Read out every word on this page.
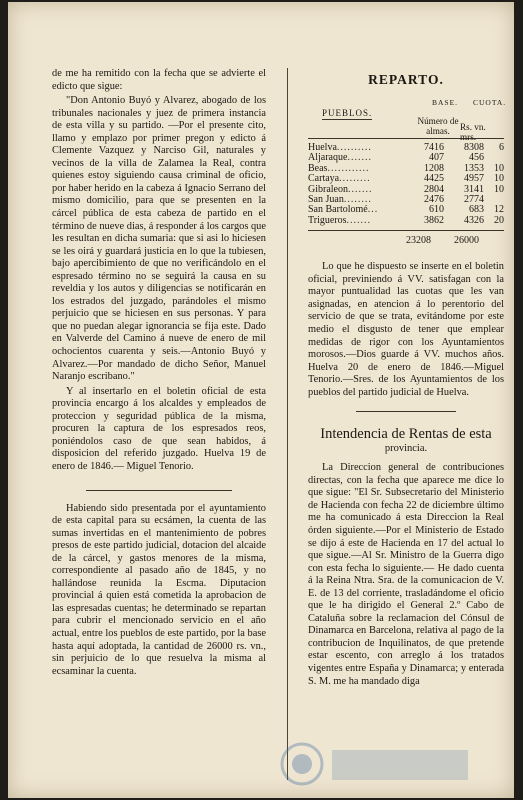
de me ha remitido con la fecha que se advierte el edicto que sigue:

"Don Antonio Buyó y Alvarez, abogado de los tribunales nacionales y juez de primera instancia de esta villa y su partido. —Por el presente cito, llamo y emplazo por primer pregon y edicto á Clemente Vazquez y Narciso Gil, naturales y vecinos de la villa de Zalamea la Real, contra quienes estoy siguiendo causa criminal de oficio, por haber herido en la cabeza á Ignacio Serrano del mismo domicilio, para que se presenten en la cárcel pública de esta cabeza de partido en el término de nueve dias, á responder á los cargos que les resultan en dicha sumaria: que si asi lo hiciesen se les oirá y guardará justicia en lo que la tubiesen, bajo apercibimiento de que no verificándolo en el espresado término no se seguirá la causa en su reveldia y los autos y diligencias se notificarán en los estrados del juzgado, parándoles el mismo perjuicio que se hiciesen en sus personas. Y para que no puedan alegar ignorancia se fija este. Dado en Valverde del Camino á nueve de enero de mil ochocientos cuarenta y seis.—Antonio Buyó y Alvarez.—Por mandado de dicho Señor, Manuel Naranjo escribano."

Y al insertarlo en el boletin oficial de esta provincia encargo á los alcaldes y empleados de proteccion y seguridad pública de la misma, procuren la captura de los espresados reos, poniéndolos caso de que sean habidos, á disposicion del referido juzgado. Huelva 19 de enero de 1846.— Miguel Tenorio.

Habiendo sido presentada por el ayuntamiento de esta capital para su ecsámen, la cuenta de las sumas invertidas en el mantenimiento de pobres presos de este partido judicial, dotacion del alcaide de la cárcel, y gastos menores de la misma, correspondiente al pasado año de 1845, y no hallándose reunida la Escma. Diputacion provincial á quien está cometida la aprobacion de las espresadas cuentas; he determinado se repartan para cubrir el mencionado servicio en el año actual, entre los pueblos de este partido, por la base hasta aquí adoptada, la cantidad de 26000 rs. vn., sin perjuicio de lo que resuelva la misma al ecsaminar la cuenta.

REPARTO.
BASE. CUOTA.
PUEBLOS.
Número de almas.	Rs. vn. mrs.
Huelva..........	7416	8308	6
Aljaraque.......	407	456	
Beas............	1208	1353	10
Cartaya.........	4425	4957	10
Gibraleon.......	2804	3141	10
San Juan........	2476	2774	
San Bartolomé...	610	683	12
Trigueros.......	3862	4326	20
23208 26000

Lo que he dispuesto se inserte en el boletin oficial, previniendo á VV. satisfagan con la mayor puntualidad las cuotas que les van asignadas, en atencion á lo perentorio del servicio de que se trata, evitándome por este medio el disgusto de tener que emplear medidas de rigor con los Ayuntamientos morosos.—Dios guarde á VV. muchos años. Huelva 20 de enero de 1846.—Miguel Tenorio.—Sres. de los Ayuntamientos de los pueblos del partido judicial de Huelva.

Intendencia de Rentas de esta
provincia.

La Direccion general de contribuciones directas, con la fecha que aparece me dice lo que sigue: "El Sr. Subsecretario del Ministerio de Hacienda con fecha 22 de diciembre último me ha comunicado á esta Direccion la Real órden siguiente.—Por el Ministerio de Estado se dijo á este de Hacienda en 17 del actual lo que sigue.—Al Sr. Ministro de la Guerra digo con esta fecha lo siguiente.— He dado cuenta á la Reina Ntra. Sra. de la comunicacion de V. E. de 13 del corriente, trasladándome el oficio que le ha dirigido el General 2.º Cabo de Cataluña sobre la reclamacion del Cónsul de Dinamarca en Barcelona, relativa al pago de la contribucion de Inquilinatos, de que pretende estar escento, con arreglo á los tratados vigentes entre España y Dinamarca; y enterada S. M. me ha mandado diga
